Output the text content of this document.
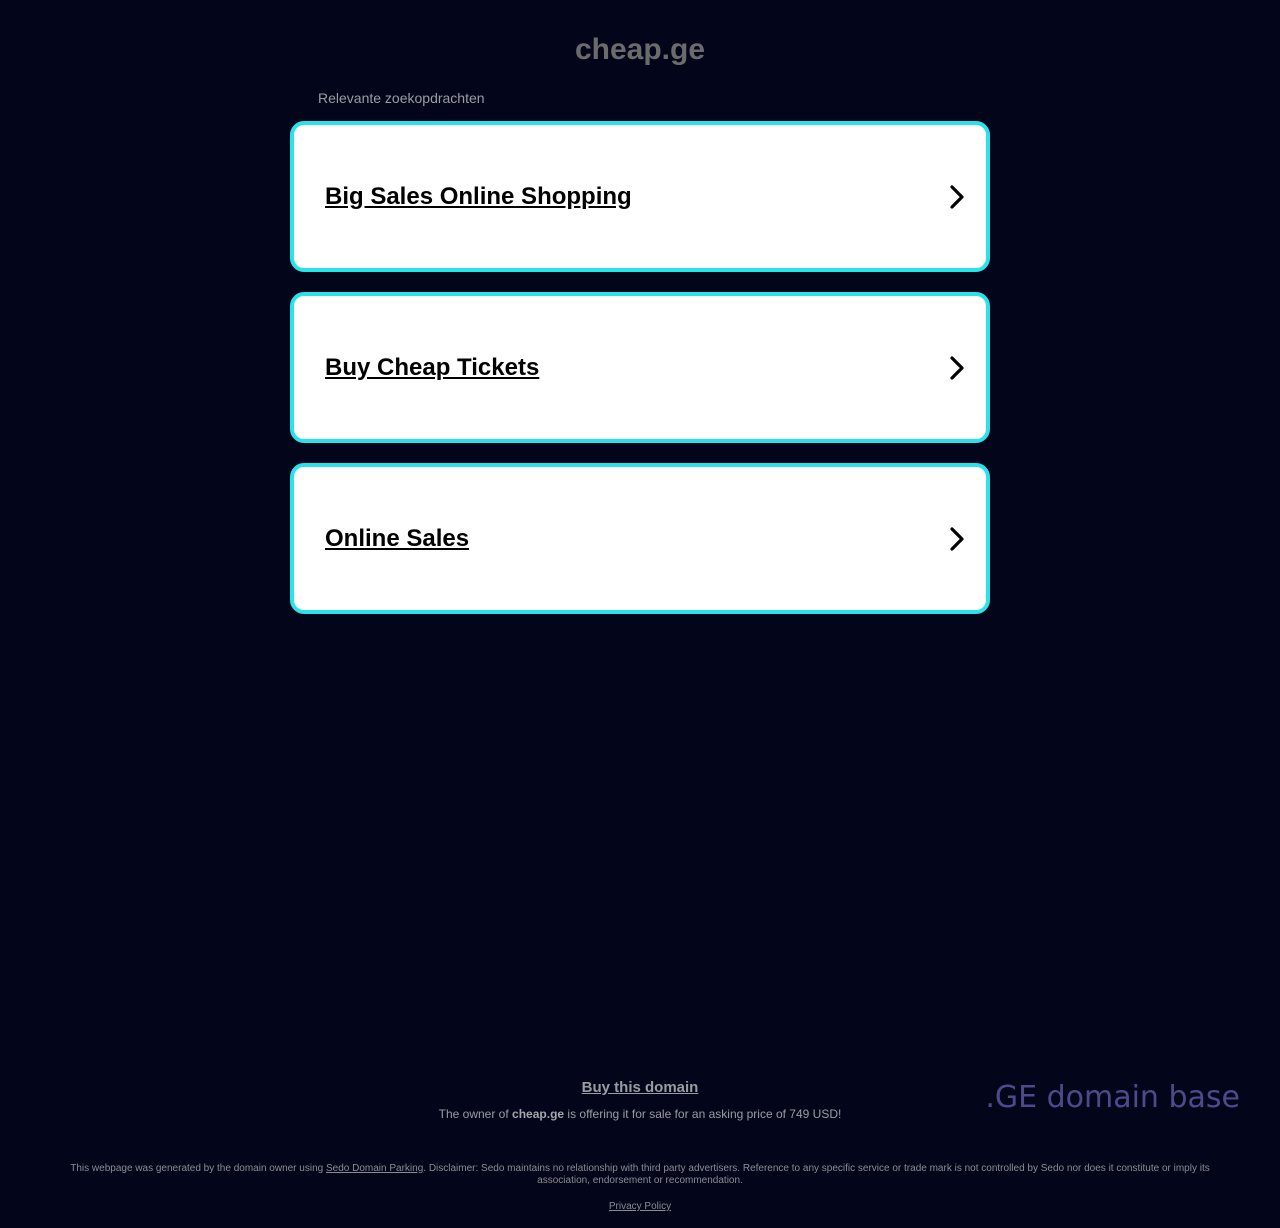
cheap.ge
Relevante zoekopdrachten
Big Sales Online Shopping
Buy Cheap Tickets
Online Sales
Buy this domain
The owner of cheap.ge is offering it for sale for an asking price of 749 USD!	.GE domain base
This webpage was generated by the domain owner using Sedo Domain Parking. Disclaimer: Sedo maintains no relationship with third party advertisers. Reference to any specific service or trade mark is not controlled by Sedo nor does it constitute or imply its association, endorsement or recommendation.
Privacy Policy
